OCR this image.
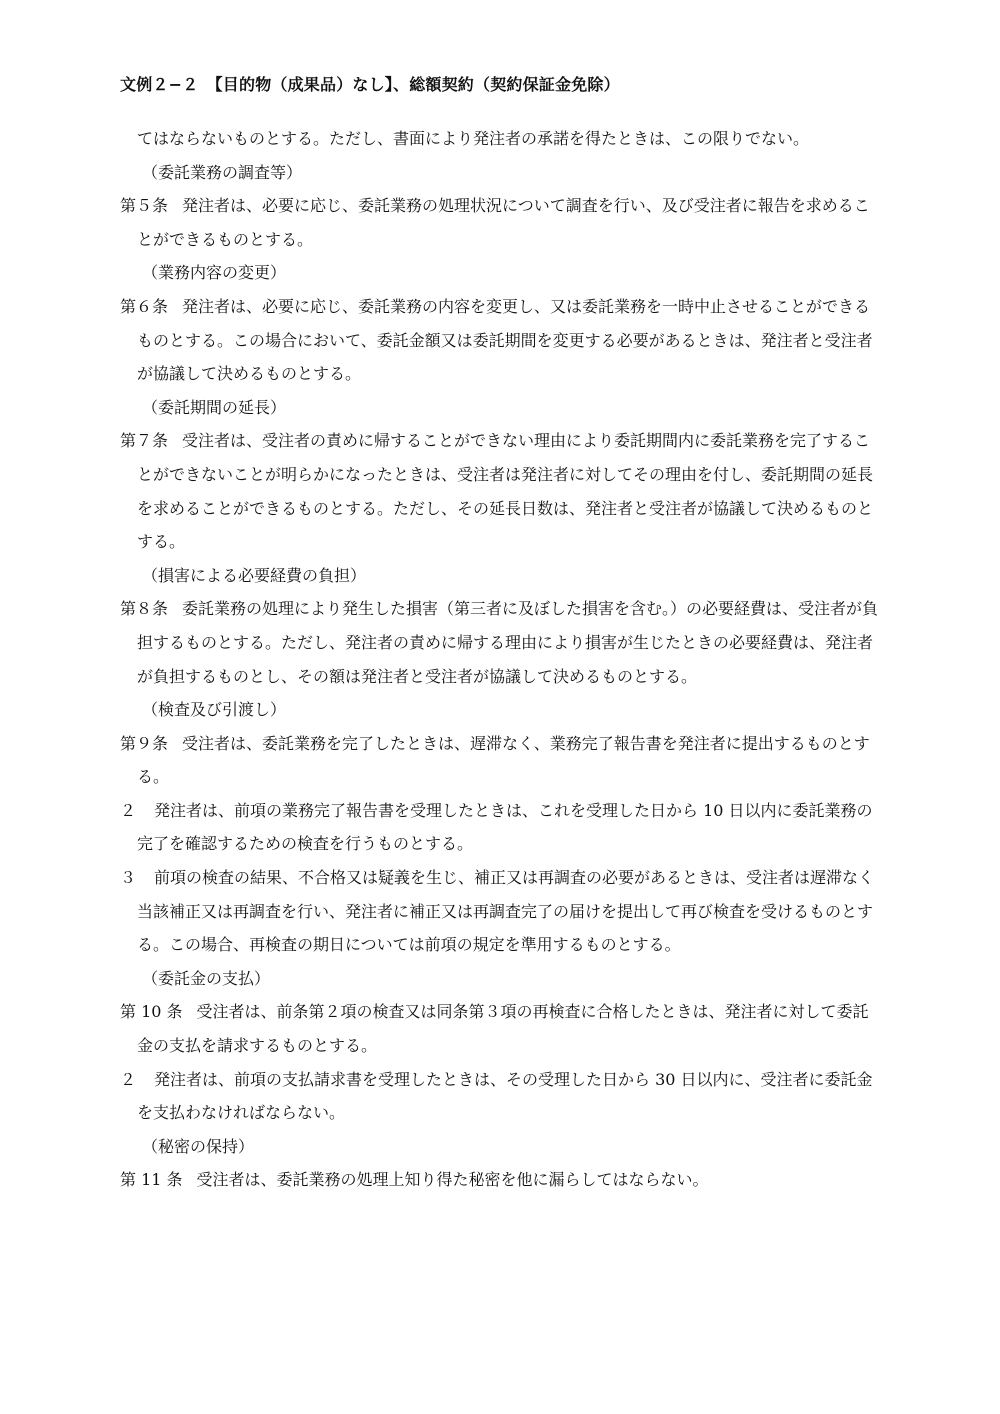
文例２−２　【目的物（成果品）なし】、総額契約（契約保証金免除）

てはならないものとする。ただし、書面により発注者の承諾を得たときは、この限りでない。

（委託業務の調査等）

第５条 発注者は、必要に応じ、委託業務の処理状況について調査を行い、及び受注者に報告を求めることができるものとする。

（業務内容の変更）

第６条 発注者は、必要に応じ、委託業務の内容を変更し、又は委託業務を一時中止させることができるものとする。この場合において、委託金額又は委託期間を変更する必要があるときは、発注者と受注者が協議して決めるものとする。

（委託期間の延長）

第７条 受注者は、受注者の責めに帰することができない理由により委託期間内に委託業務を完了することができないことが明らかになったときは、受注者は発注者に対してその理由を付し、委託期間の延長を求めることができるものとする。ただし、その延長日数は、発注者と受注者が協議して決めるものとする。

（損害による必要経費の負担）

第８条 委託業務の処理により発生した損害（第三者に及ぼした損害を含む。）の必要経費は、受注者が負担するものとする。ただし、発注者の責めに帰する理由により損害が生じたときの必要経費は、発注者が負担するものとし、その額は発注者と受注者が協議して決めるものとする。

（検査及び引渡し）

第９条 受注者は、委託業務を完了したときは、遅滞なく、業務完了報告書を発注者に提出するものとする。

２ 発注者は、前項の業務完了報告書を受理したときは、これを受理した日から 10 日以内に委託業務の完了を確認するための検査を行うものとする。

３ 前項の検査の結果、不合格又は疑義を生じ、補正又は再調査の必要があるときは、受注者は遅滞なく当該補正又は再調査を行い、発注者に補正又は再調査完了の届けを提出して再び検査を受けるものとする。この場合、再検査の期日については前項の規定を準用するものとする。

（委託金の支払）

第 10 条 受注者は、前条第２項の検査又は同条第３項の再検査に合格したときは、発注者に対して委託金の支払を請求するものとする。

２ 発注者は、前項の支払請求書を受理したときは、その受理した日から 30 日以内に、受注者に委託金を支払わなければならない。

（秘密の保持）

第 11 条 受注者は、委託業務の処理上知り得た秘密を他に漏らしてはならない。
